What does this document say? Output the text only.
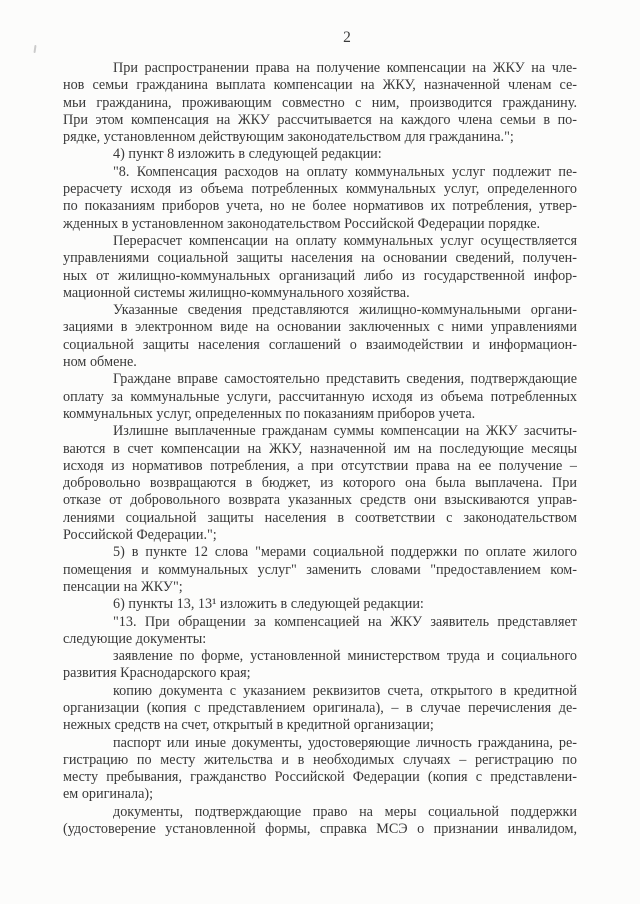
2
При распространении права на получение компенсации на ЖКУ на чле-
нов семьи гражданина выплата компенсации на ЖКУ, назначенной членам се-
мьи гражданина, проживающим совместно с ним, производится гражданину.
При этом компенсация на ЖКУ рассчитывается на каждого члена семьи в по-
рядке, установленном действующим законодательством для гражданина.";
4) пункт 8 изложить в следующей редакции:
"8. Компенсация расходов на оплату коммунальных услуг подлежит пе-
рерасчету исходя из объема потребленных коммунальных услуг, определенного
по показаниям приборов учета, но не более нормативов их потребления, утвер-
жденных в установленном законодательством Российской Федерации порядке.
Перерасчет компенсации на оплату коммунальных услуг осуществляется
управлениями социальной защиты населения на основании сведений, получен-
ных от жилищно-коммунальных организаций либо из государственной инфор-
мационной системы жилищно-коммунального хозяйства.
Указанные сведения представляются жилищно-коммунальными органи-
зациями в электронном виде на основании заключенных с ними управлениями
социальной защиты населения соглашений о взаимодействии и информацион-
ном обмене.
Граждане вправе самостоятельно представить сведения, подтверждающие
оплату за коммунальные услуги, рассчитанную исходя из объема потребленных
коммунальных услуг, определенных по показаниям приборов учета.
Излишне выплаченные гражданам суммы компенсации на ЖКУ засчиты-
ваются в счет компенсации на ЖКУ, назначенной им на последующие месяцы
исходя из нормативов потребления, а при отсутствии права на ее получение –
добровольно возвращаются в бюджет, из которого она была выплачена. При
отказе от добровольного возврата указанных средств они взыскиваются управ-
лениями социальной защиты населения в соответствии с законодательством
Российской Федерации.";
5) в пункте 12 слова "мерами социальной поддержки по оплате жилого
помещения и коммунальных услуг" заменить словами "предоставлением ком-
пенсации на ЖКУ";
6) пункты 13, 13¹ изложить в следующей редакции:
"13. При обращении за компенсацией на ЖКУ заявитель представляет
следующие документы:
заявление по форме, установленной министерством труда и социального
развития Краснодарского края;
копию документа с указанием реквизитов счета, открытого в кредитной
организации (копия с представлением оригинала), – в случае перечисления де-
нежных средств на счет, открытый в кредитной организации;
паспорт или иные документы, удостоверяющие личность гражданина, ре-
гистрацию по месту жительства и в необходимых случаях – регистрацию по
месту пребывания, гражданство Российской Федерации (копия с представлени-
ем оригинала);
документы, подтверждающие право на меры социальной поддержки
(удостоверение установленной формы, справка МСЭ о признании инвалидом,
